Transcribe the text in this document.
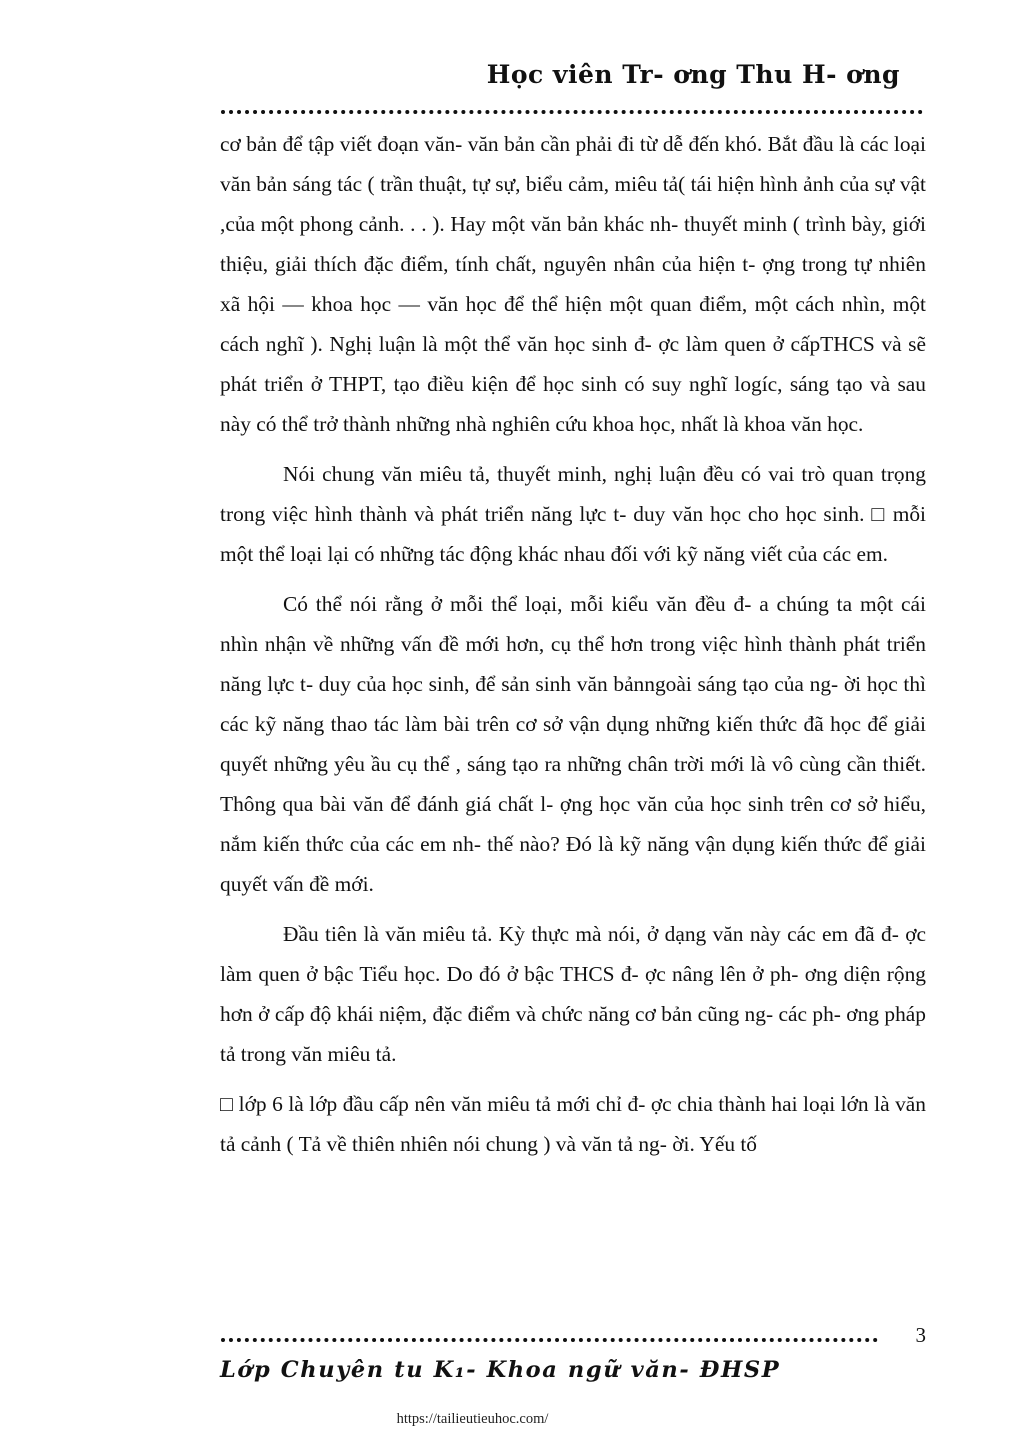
Học viên Tr- ơng Thu H- ơng

cơ bản để tập viết đoạn văn- văn bản cần phải đi từ dễ đến khó. Bắt đầu là các loại văn bản sáng tác ( trần thuật, tự sự, biểu cảm, miêu tả( tái hiện hình ảnh của sự vật ,của một phong cảnh. . . ). Hay một văn bản khác nh- thuyết minh ( trình bày, giới thiệu, giải thích đặc điểm, tính chất, nguyên nhân của hiện t- ợng trong tự nhiên xã hội — khoa học — văn học để thể hiện một quan điểm, một cách nhìn, một cách nghĩ ). Nghị luận là một thể văn học sinh đ- ợc làm quen ở cấpTHCS và sẽ phát triển ở THPT, tạo điều kiện để học sinh có suy nghĩ logíc, sáng tạo và sau này có thể trở thành những nhà nghiên cứu khoa học, nhất là khoa văn học.

Nói chung văn miêu tả, thuyết minh, nghị luận đều có vai trò quan trọng trong việc hình thành và phát triển năng lực t- duy văn học cho học sinh. □ mỗi một thể loại lại có những tác động khác nhau đối với kỹ năng viết của các em.

Có thể nói rằng ở mỗi thể loại, mỗi kiểu văn đều đ- a chúng ta một cái nhìn nhận về những vấn đề mới hơn, cụ thể hơn trong việc hình thành phát triển năng lực t- duy của học sinh, để sản sinh văn bảnngoài sáng tạo của ng- ời học thì các kỹ năng thao tác làm bài trên cơ sở vận dụng những kiến thức đã học để giải quyết những yêu ầu cụ thể , sáng tạo ra những chân trời mới là vô cùng cần thiết. Thông qua bài văn để đánh giá chất l- ợng học văn của học sinh trên cơ sở hiểu, nắm kiến thức của các em nh- thế nào? Đó là kỹ năng vận dụng kiến thức để giải quyết vấn đề mới.

Đầu tiên là văn miêu tả. Kỳ thực mà nói, ở dạng văn này các em đã đ- ợc làm quen ở bậc Tiểu học. Do đó ở bậc THCS đ- ợc nâng lên ở ph- ơng diện rộng hơn ở cấp độ khái niệm, đặc điểm và chức năng cơ bản cũng ng- các ph- ơng pháp tả trong văn miêu tả.

□ lớp 6 là lớp đầu cấp nên văn miêu tả mới chỉ đ- ợc chia thành hai loại lớn là văn tả cảnh ( Tả về thiên nhiên nói chung ) và văn tả ng- ời. Yếu tố

3
Lớp Chuyên tu K₁- Khoa ngữ văn- ĐHSP
https://tailieutieuhoc.com/
